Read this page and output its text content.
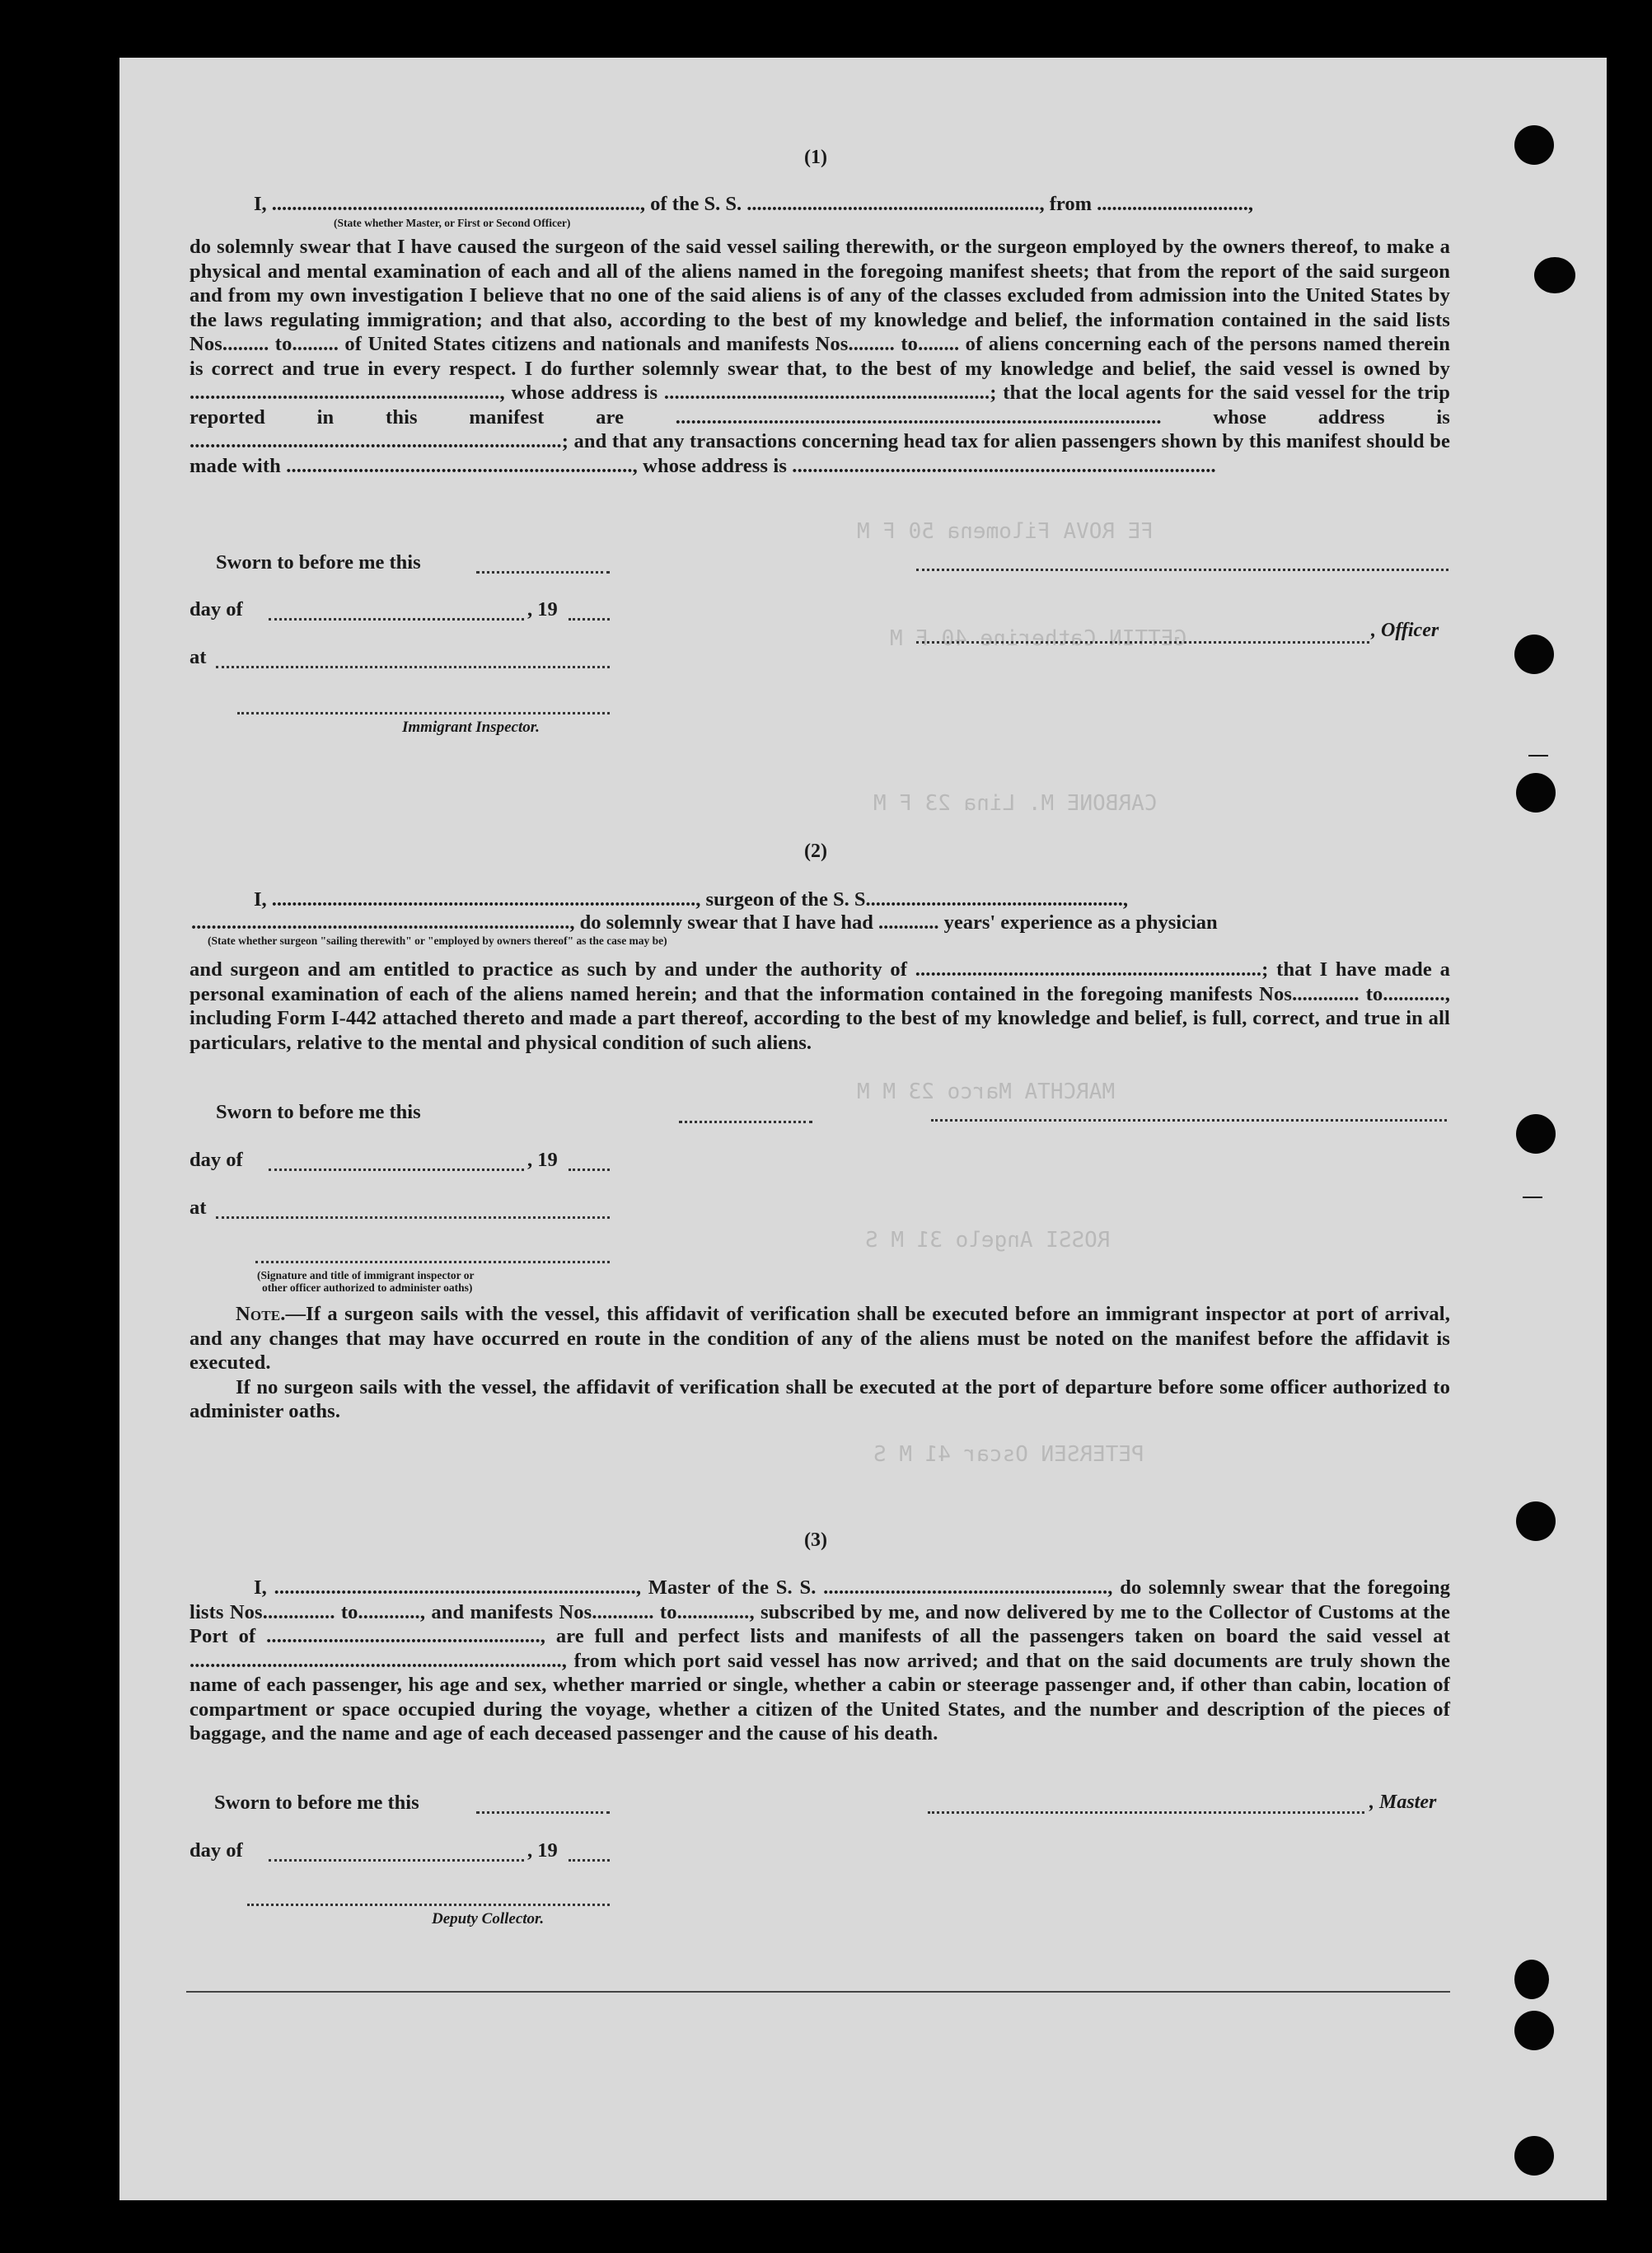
FE ROVA Filomena 50 F M
GETTIN Catherine 40 F M
CARBONE M. Lina 23 F M
MARCHTA Marco 23 M M
ROSSI Angelo 31 M S
PETERSEN Oscar 41 M S
(1)
I, ........................................................................., of the S. S. .........................................................., from ..............................,
(State whether Master, or First or Second Officer)

do solemnly swear that I have caused the surgeon of the said vessel sailing therewith, or the surgeon employed by the owners thereof, to make a physical and mental examination of each and all of the aliens named in the foregoing manifest sheets; that from the report of the said surgeon and from my own investigation I believe that no one of the said aliens is of any of the classes excluded from admission into the United States by the laws regulating immigration; and that also, according to the best of my knowledge and belief, the information contained in the said lists Nos......... to......... of United States citizens and nationals and manifests Nos......... to........ of aliens concerning each of the persons named therein is correct and true in every respect. I do further solemnly swear that, to the best of my knowledge and belief, the said vessel is owned by ............................................................, whose address is ...............................................................; that the local agents for the said vessel for the trip reported in this manifest are .............................................................................................. whose address is ........................................................................; and that any transactions concerning head tax for alien passengers shown by this manifest should be made with ..................................................................., whose address is ..................................................................................

Sworn to before me this
day of	, 19
, Officer
at
Immigrant Inspector.
(2)
I, ...................................................................................., surgeon of the S. S...................................................,
..........................................................................., do solemnly swear that I have had ............ years' experience as a physician
(State whether surgeon "sailing therewith" or "employed by owners thereof" as the case may be)

and surgeon and am entitled to practice as such by and under the authority of ...................................................................; that I have made a personal examination of each of the aliens named herein; and that the information contained in the foregoing manifests Nos............. to............, including Form I-442 attached thereto and made a part thereof, according to the best of my knowledge and belief, is full, correct, and true in all particulars, relative to the mental and physical condition of such aliens.

Sworn to before me this
day of	, 19
at
(Signature and title of immigrant inspector or
other officer authorized to administer oaths)

Note.—If a surgeon sails with the vessel, this affidavit of verification shall be executed before an immigrant inspector at port of arrival, and any changes that may have occurred en route in the condition of any of the aliens must be noted on the manifest before the affidavit is executed.

If no surgeon sails with the vessel, the affidavit of verification shall be executed at the port of departure before some officer authorized to administer oaths.

(3)

I, ......................................................................, Master of the S. S. ......................................................., do solemnly swear that the foregoing lists Nos.............. to............, and manifests Nos............ to.............., subscribed by me, and now delivered by me to the Collector of Customs at the Port of ....................................................., are full and perfect lists and manifests of all the passengers taken on board the said vessel at ........................................................................, from which port said vessel has now arrived; and that on the said documents are truly shown the name of each passenger, his age and sex, whether married or single, whether a cabin or steerage passenger and, if other than cabin, location of compartment or space occupied during the voyage, whether a citizen of the United States, and the number and description of the pieces of baggage, and the name and age of each deceased passenger and the cause of his death.

Sworn to before me this	, Master
day of	, 19
Deputy Collector.
